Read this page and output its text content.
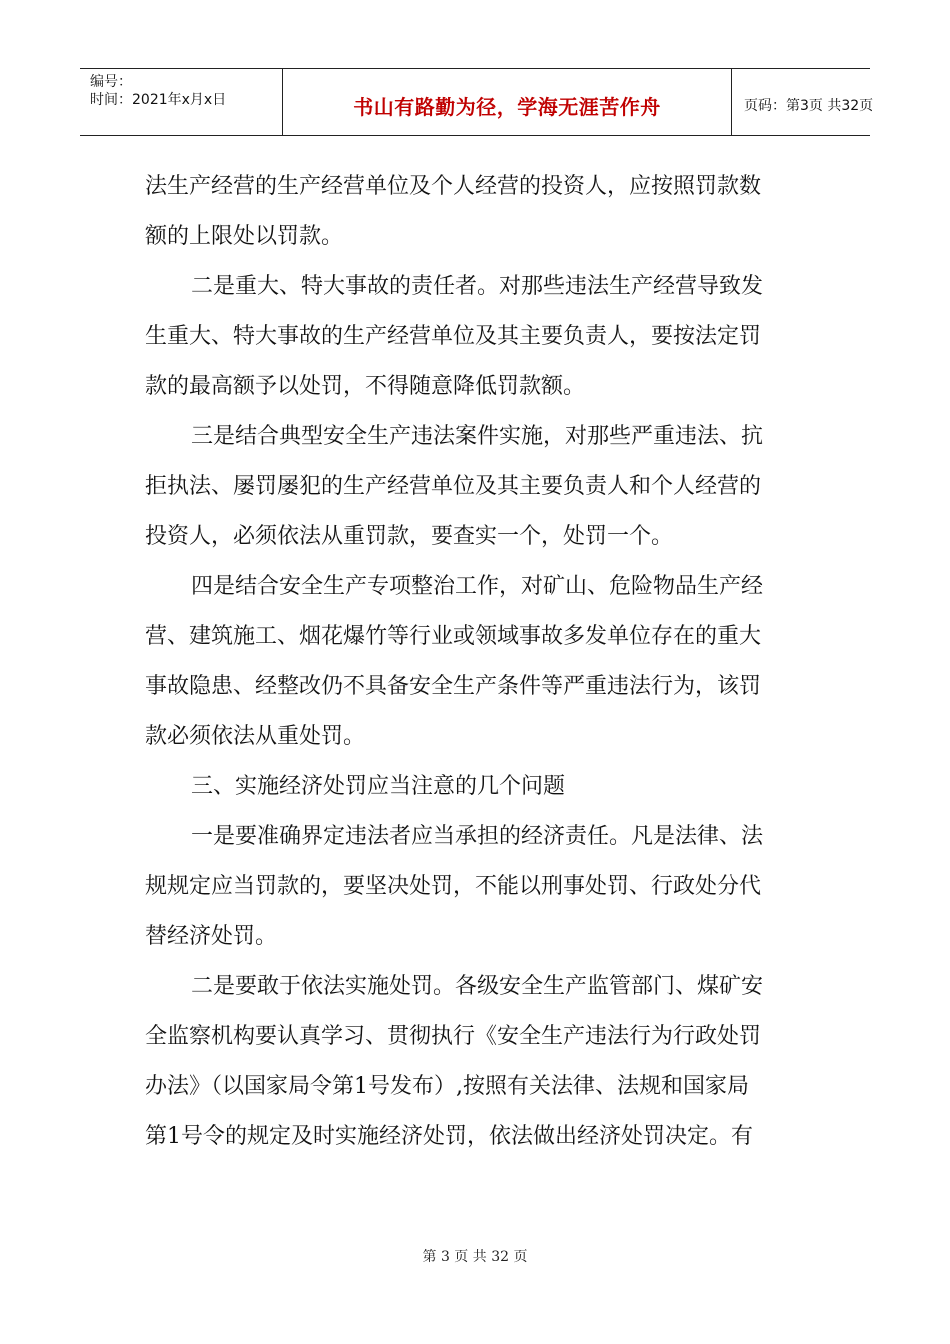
编号：
时间：2021年x月x日	书山有路勤为径，学海无涯苦作舟	页码：第3页 共32页
法生产经营的生产经营单位及个人经营的投资人，应按照罚款数
额的上限处以罚款。
二是重大、特大事故的责任者。对那些违法生产经营导致发
生重大、特大事故的生产经营单位及其主要负责人，要按法定罚
款的最高额予以处罚，不得随意降低罚款额。
三是结合典型安全生产违法案件实施，对那些严重违法、抗
拒执法、屡罚屡犯的生产经营单位及其主要负责人和个人经营的
投资人，必须依法从重罚款，要查实一个，处罚一个。
四是结合安全生产专项整治工作，对矿山、危险物品生产经
营、建筑施工、烟花爆竹等行业或领域事故多发单位存在的重大
事故隐患、经整改仍不具备安全生产条件等严重违法行为，该罚
款必须依法从重处罚。
三、实施经济处罚应当注意的几个问题
一是要准确界定违法者应当承担的经济责任。凡是法律、法
规规定应当罚款的，要坚决处罚，不能以刑事处罚、行政处分代
替经济处罚。
二是要敢于依法实施处罚。各级安全生产监管部门、煤矿安
全监察机构要认真学习、贯彻执行《安全生产违法行为行政处罚
办法》（以国家局令第1号发布）,按照有关法律、法规和国家局
第1号令的规定及时实施经济处罚，依法做出经济处罚决定。有
第 3 页 共 32 页
